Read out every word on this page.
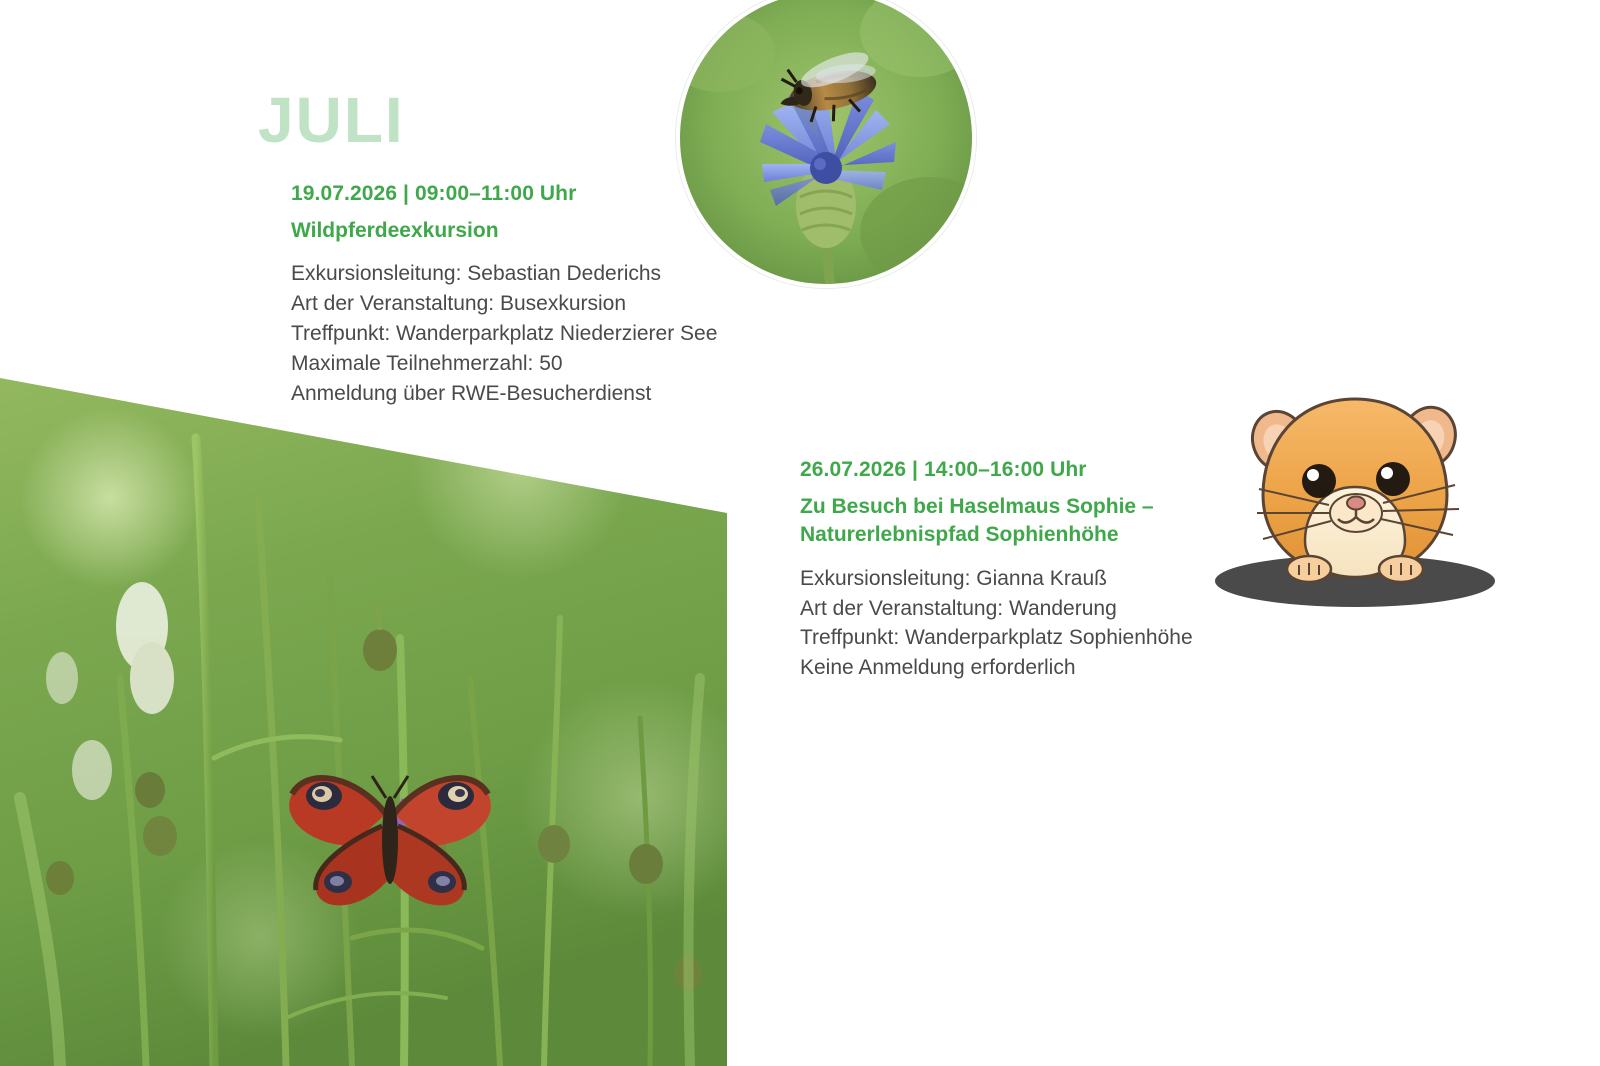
JULI
19.07.2026 | 09:00–11:00 Uhr
Wildpferdeexkursion
Exkursionsleitung: Sebastian Dederichs
Art der Veranstaltung: Busexkursion
Treffpunkt: Wanderparkplatz Niederzierer See
Maximale Teilnehmerzahl: 50
Anmeldung über RWE-Besucherdienst
26.07.2026 | 14:00–16:00 Uhr
Zu Besuch bei Haselmaus Sophie – Naturerlebnispfad Sophienhöhe
Exkursionsleitung: Gianna Krauß
Art der Veranstaltung: Wanderung
Treffpunkt: Wanderparkplatz Sophienhöhe
Keine Anmeldung erforderlich
